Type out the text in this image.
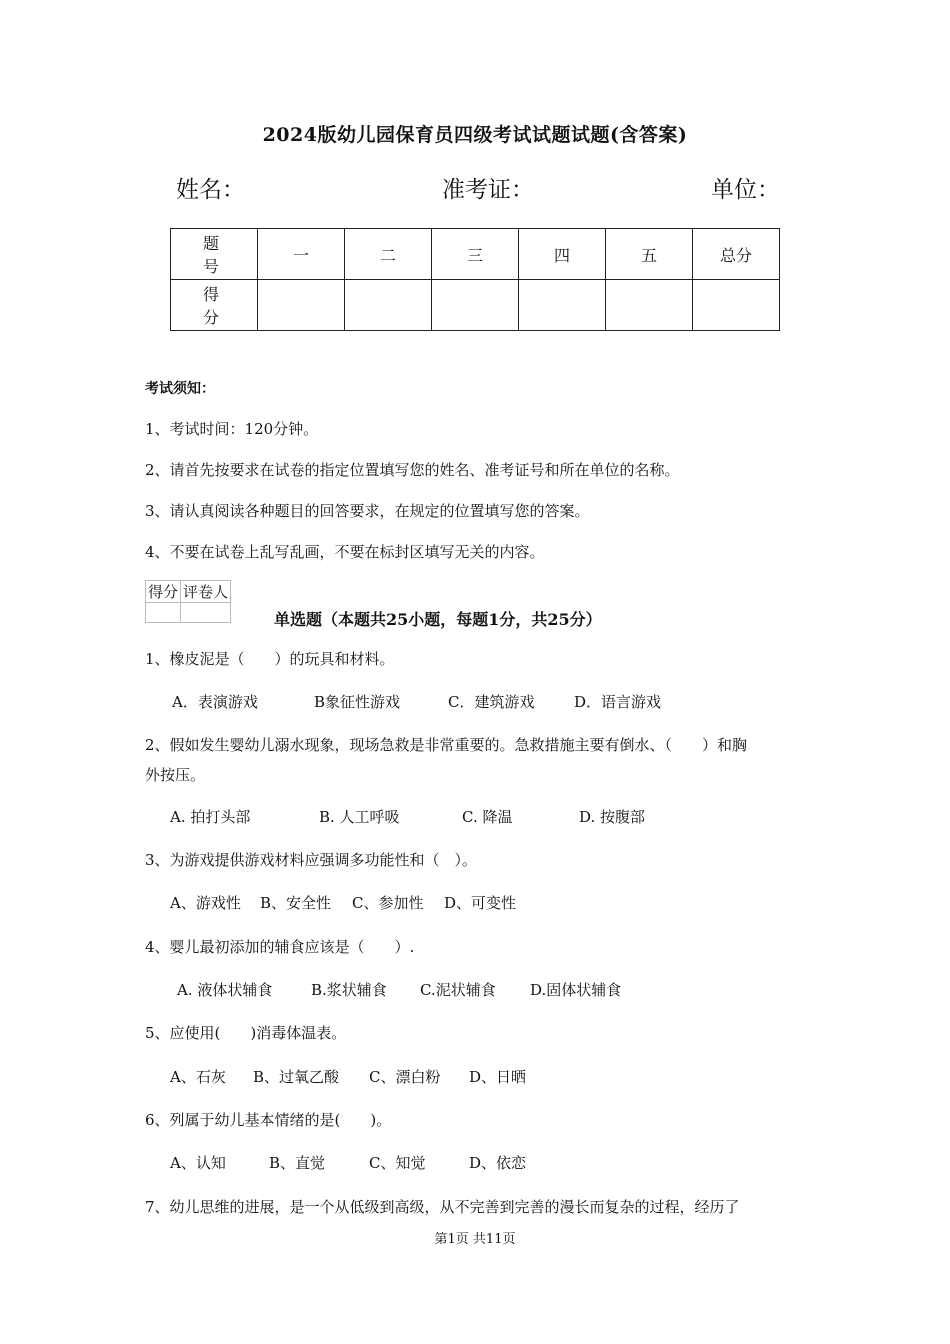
2024版幼儿园保育员四级考试试题试题(含答案)
姓名：	准考证：	单位：
题　号	一	二	三	四	五	总分
得　分						
考试须知：
1、考试时间：120分钟。
2、请首先按要求在试卷的指定位置填写您的姓名、准考证号和所在单位的名称。
3、请认真阅读各种题目的回答要求，在规定的位置填写您的答案。
4、不要在试卷上乱写乱画，不要在标封区填写无关的内容。
得分	评卷人

单选题（本题共25小题，每题1分，共25分）
1、橡皮泥是（　　）的玩具和材料。
A．表演游戏	B象征性游戏	C．建筑游戏	D．语言游戏
2、假如发生婴幼儿溺水现象，现场急救是非常重要的。急救措施主要有倒水、（　　）和胸
外按压。
A. 拍打头部	B. 人工呼吸	C. 降温	D. 按腹部
3、为游戏提供游戏材料应强调多功能性和（　）。
A、游戏性 B、安全性 C、参加性 D、可变性
4、婴儿最初添加的辅食应该是（　　）.
A. 液体状辅食	B.浆状辅食 C.泥状辅食 D.固体状辅食
5、应使用(　　)消毒体温表。
A、石灰 B、过氧乙酸 C、漂白粉 D、日晒
6、列属于幼儿基本情绪的是(　　)。
A、认知	B、直觉	C、知觉	D、依恋
7、幼儿思维的进展，是一个从低级到高级，从不完善到完善的漫长而复杂的过程，经历了
第1页 共11页
